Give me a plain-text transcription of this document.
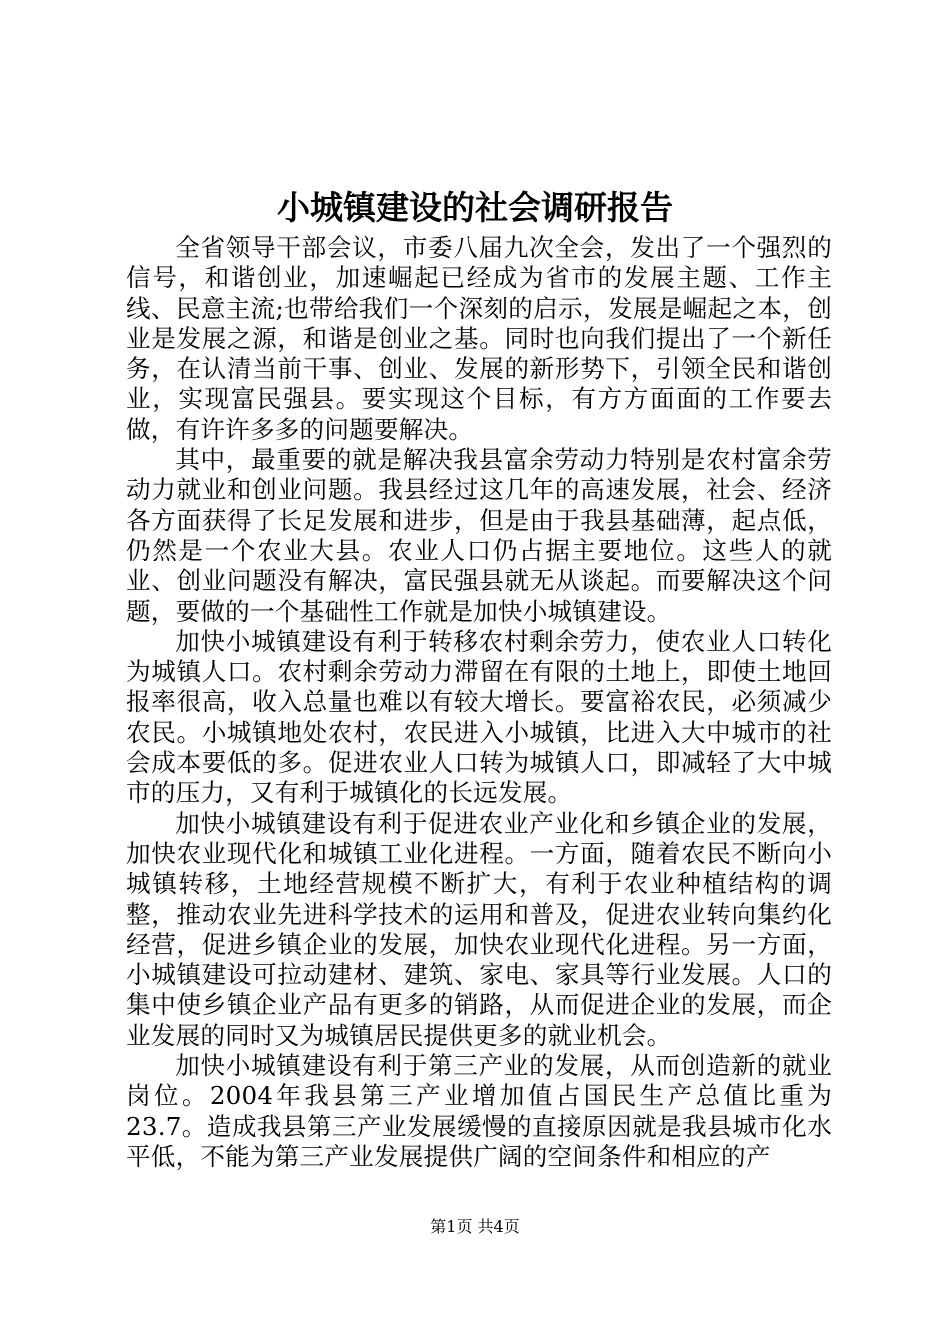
小城镇建设的社会调研报告

全省领导干部会议，市委八届九次全会，发出了一个强烈的信号，和谐创业，加速崛起已经成为省市的发展主题、工作主线、民意主流;也带给我们一个深刻的启示，发展是崛起之本，创业是发展之源，和谐是创业之基。同时也向我们提出了一个新任务，在认清当前干事、创业、发展的新形势下，引领全民和谐创业，实现富民强县。要实现这个目标，有方方面面的工作要去做，有许许多多的问题要解决。

其中，最重要的就是解决我县富余劳动力特别是农村富余劳动力就业和创业问题。我县经过这几年的高速发展，社会、经济各方面获得了长足发展和进步，但是由于我县基础薄，起点低，仍然是一个农业大县。农业人口仍占据主要地位。这些人的就业、创业问题没有解决，富民强县就无从谈起。而要解决这个问题，要做的一个基础性工作就是加快小城镇建设。

加快小城镇建设有利于转移农村剩余劳力，使农业人口转化为城镇人口。农村剩余劳动力滞留在有限的土地上，即使土地回报率很高，收入总量也难以有较大增长。要富裕农民，必须减少农民。小城镇地处农村，农民进入小城镇，比进入大中城市的社会成本要低的多。促进农业人口转为城镇人口，即减轻了大中城市的压力，又有利于城镇化的长远发展。

加快小城镇建设有利于促进农业产业化和乡镇企业的发展，加快农业现代化和城镇工业化进程。一方面，随着农民不断向小城镇转移，土地经营规模不断扩大，有利于农业种植结构的调整，推动农业先进科学技术的运用和普及，促进农业转向集约化经营，促进乡镇企业的发展，加快农业现代化进程。另一方面，小城镇建设可拉动建材、建筑、家电、家具等行业发展。人口的集中使乡镇企业产品有更多的销路，从而促进企业的发展，而企业发展的同时又为城镇居民提供更多的就业机会。

加快小城镇建设有利于第三产业的发展，从而创造新的就业岗位。2004年我县第三产业增加值占国民生产总值比重为23.7。造成我县第三产业发展缓慢的直接原因就是我县城市化水平低，不能为第三产业发展提供广阔的空间条件和相应的产

第1页 共4页
